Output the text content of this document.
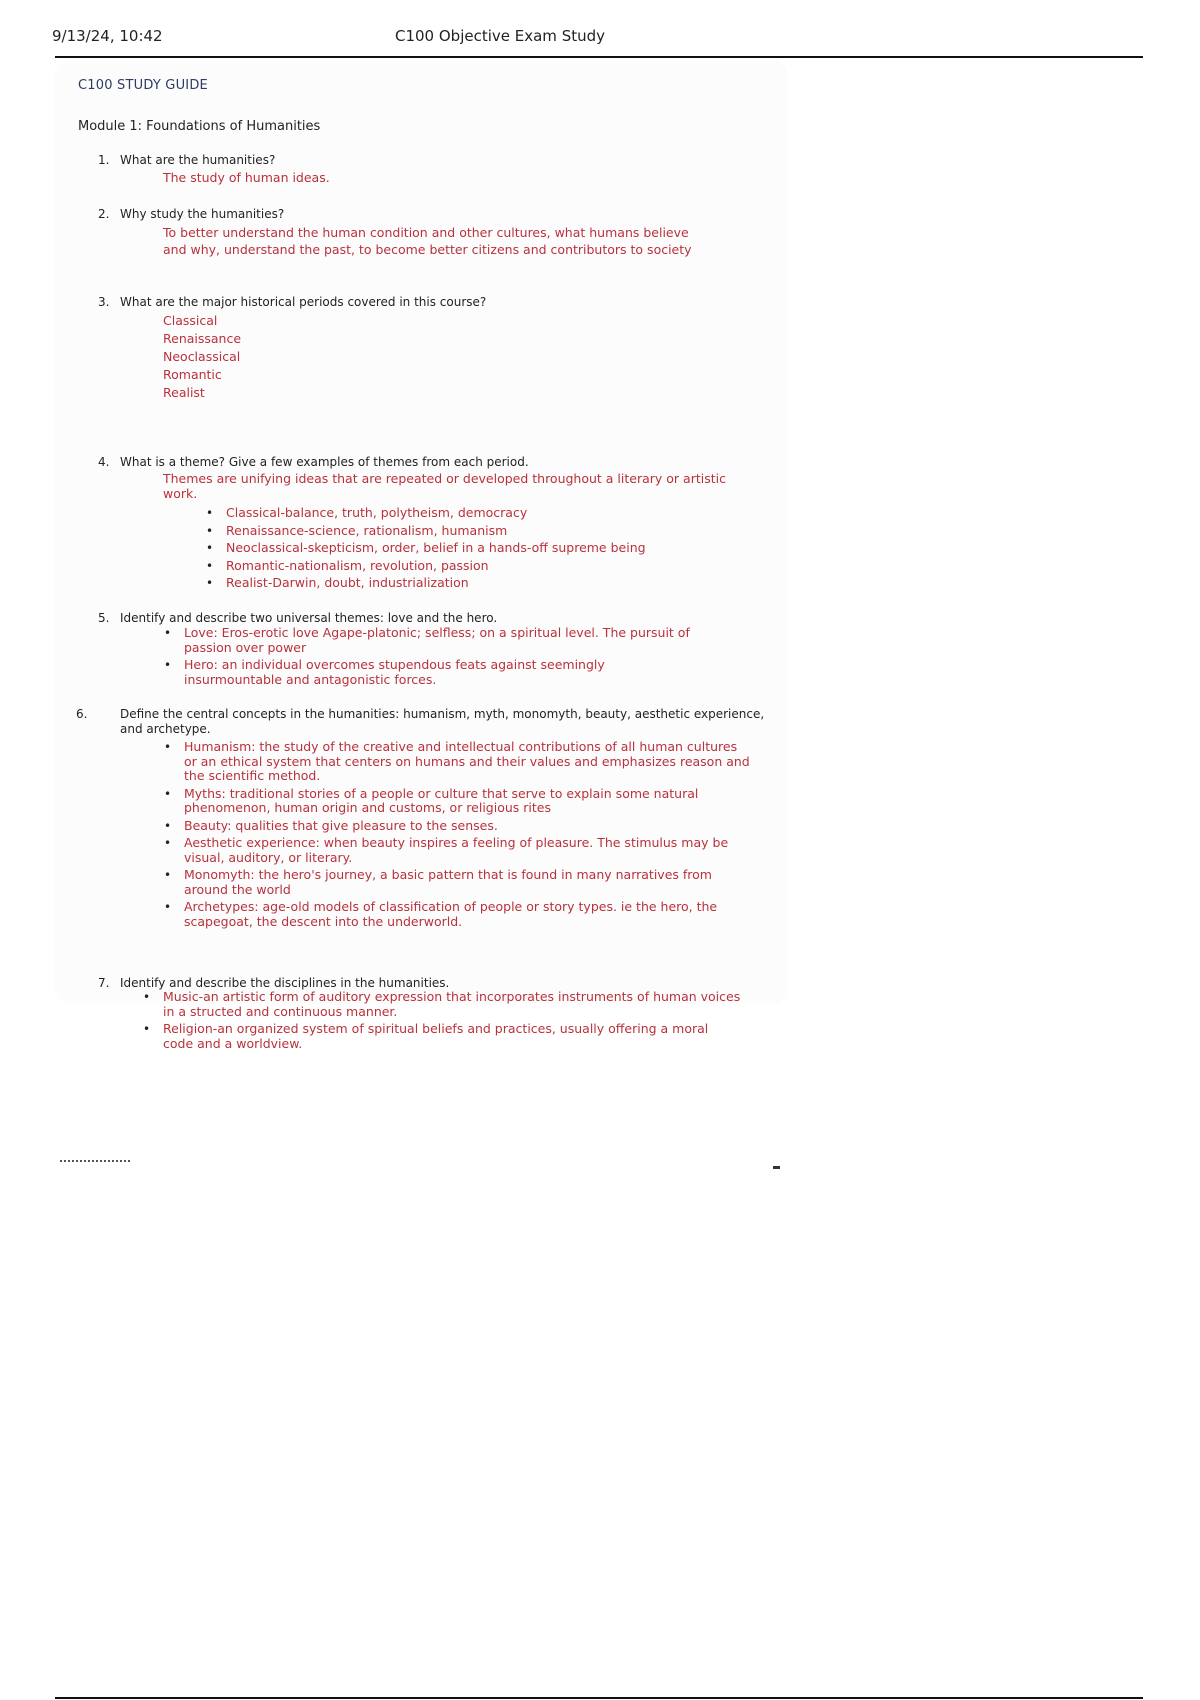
9/13/24, 10:42	C100 Objective Exam Study
C100 STUDY GUIDE
Module 1: Foundations of Humanities
1. What are the humanities?
The study of human ideas.
2. Why study the humanities?
To better understand the human condition and other cultures, what humans believe and why, understand the past, to become better citizens and contributors to society
3. What are the major historical periods covered in this course?
Classical
Renaissance
Neoclassical
Romantic
Realist
4. What is a theme? Give a few examples of themes from each period.
Themes are unifying ideas that are repeated or developed throughout a literary or artistic work.
• Classical-balance, truth, polytheism, democracy
• Renaissance-science, rationalism, humanism
• Neoclassical-skepticism, order, belief in a hands-off supreme being
• Romantic-nationalism, revolution, passion
• Realist-Darwin, doubt, industrialization
5. Identify and describe two universal themes: love and the hero.
• Love: Eros-erotic love Agape-platonic; selfless; on a spiritual level. The pursuit of passion over power
• Hero: an individual overcomes stupendous feats against seemingly insurmountable and antagonistic forces.
6.	Define the central concepts in the humanities: humanism, myth, monomyth, beauty, aesthetic experience, and archetype.
• Humanism: the study of the creative and intellectual contributions of all human cultures or an ethical system that centers on humans and their values and emphasizes reason and the scientific method.
• Myths: traditional stories of a people or culture that serve to explain some natural phenomenon, human origin and customs, or religious rites
• Beauty: qualities that give pleasure to the senses.
• Aesthetic experience: when beauty inspires a feeling of pleasure. The stimulus may be visual, auditory, or literary.
• Monomyth: the hero's journey, a basic pattern that is found in many narratives from around the world
• Archetypes: age-old models of classification of people or story types. ie the hero, the scapegoat, the descent into the underworld.
7. Identify and describe the disciplines in the humanities.
• Music-an artistic form of auditory expression that incorporates instruments of human voices in a structed and continuous manner.
• Religion-an organized system of spiritual beliefs and practices, usually offering a moral code and a worldview.
